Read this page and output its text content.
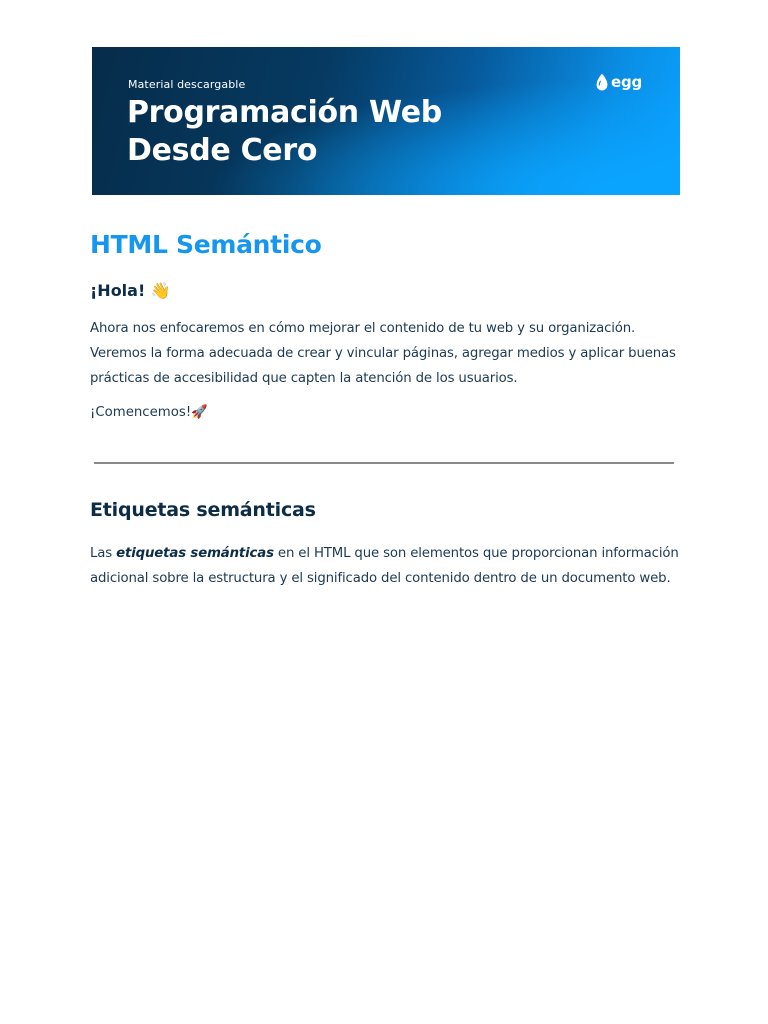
Material descargable
Programación Web Desde Cero
egg
HTML Semántico

¡Hola! 👋

Ahora nos enfocaremos en cómo mejorar el contenido de tu web y su organización. Veremos la forma adecuada de crear y vincular páginas, agregar medios y aplicar buenas prácticas de accesibilidad que capten la atención de los usuarios.

¡Comencemos!🚀

Etiquetas semánticas

Las etiquetas semánticas en el HTML que son elementos que proporcionan información adicional sobre la estructura y el significado del contenido dentro de un documento web.
